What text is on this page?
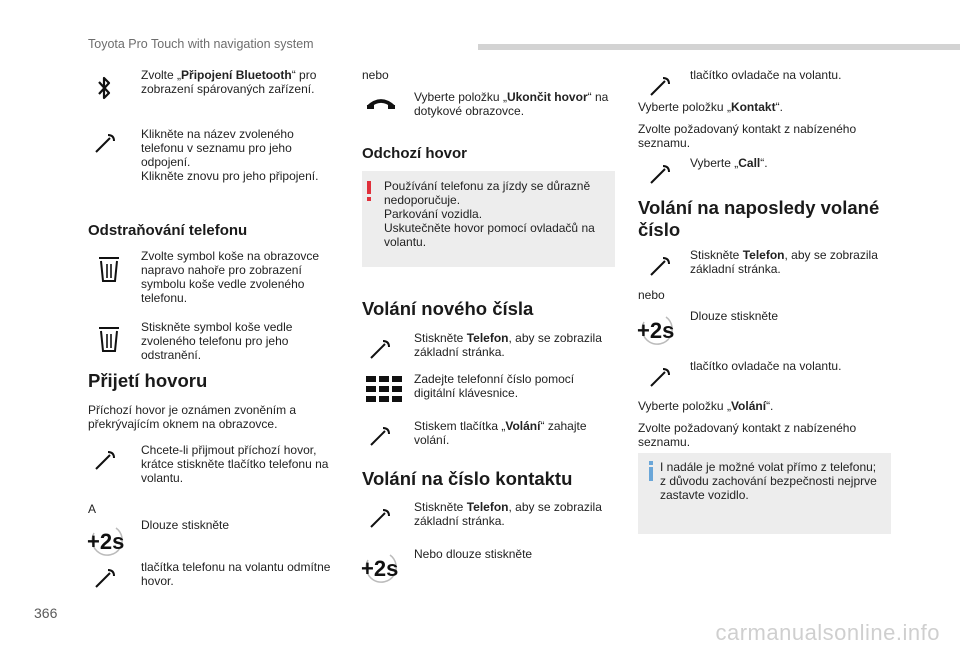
Toyota Pro Touch with navigation system
Zvolte „Připojení Bluetooth“ pro zobrazení spárovaných zařízení.
Klikněte na název zvoleného telefonu v seznamu pro jeho odpojení.
Klikněte znovu pro jeho připojení.
Odstraňování telefonu
Zvolte symbol koše na obrazovce napravo nahoře pro zobrazení symbolu koše vedle zvoleného telefonu.
Stiskněte symbol koše vedle zvoleného telefonu pro jeho odstranění.
Přijetí hovoru
Příchozí hovor je oznámen zvoněním a překrývajícím oknem na obrazovce.
Chcete-li přijmout příchozí hovor, krátce stiskněte tlačítko telefonu na volantu.
A
+2s
Dlouze stiskněte
tlačítka telefonu na volantu odmítne hovor.
nebo
Vyberte položku „Ukončit hovor“ na dotykové obrazovce.
Odchozí hovor
Používání telefonu za jízdy se důrazně nedoporučuje.
Parkování vozidla.
Uskutečněte hovor pomocí ovladačů na volantu.
Volání nového čísla
Stiskněte Telefon, aby se zobrazila základní stránka.
Zadejte telefonní číslo pomocí digitální klávesnice.
Stiskem tlačítka „Volání“ zahajte volání.
Volání na číslo kontaktu
Stiskněte Telefon, aby se zobrazila základní stránka.
+2s
Nebo dlouze stiskněte
tlačítko ovladače na volantu.
Vyberte položku „Kontakt“.
Zvolte požadovaný kontakt z nabízeného seznamu.
Vyberte „Call“.
Volání na naposledy volané číslo
Stiskněte Telefon, aby se zobrazila základní stránka.
nebo
+2s
Dlouze stiskněte
tlačítko ovladače na volantu.
Vyberte položku „Volání“.
Zvolte požadovaný kontakt z nabízeného seznamu.
I nadále je možné volat přímo z telefonu; z důvodu zachování bezpečnosti nejprve zastavte vozidlo.
366
carmanualsonline.info
